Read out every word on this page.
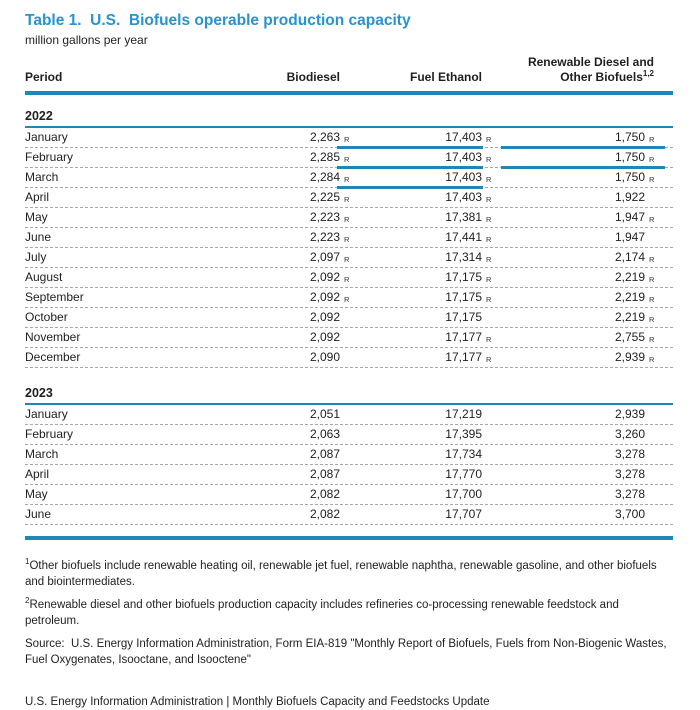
Table 1.  U.S.  Biofuels operable production capacity
million gallons per year
Period	Biodiesel	Fuel Ethanol
Renewable Diesel and
Other Biofuels$^{1,2}$
2022
January	2,263 R	17,403 R	1,750 R
February	2,285 R	17,403 R	1,750 R
March	2,284 R	17,403 R	1,750 R
April	2,225 R	17,403 R	1,922
May	2,223 R	17,381 R	1,947 R
June	2,223 R	17,441 R	1,947
July	2,097 R	17,314 R	2,174 R
August	2,092 R	17,175 R	2,219 R
September	2,092 R	17,175 R	2,219 R
October	2,092	17,175	2,219 R
November	2,092	17,177 R	2,755 R
December	2,090	17,177 R	2,939 R
2023
January	2,051	17,219	2,939
February	2,063	17,395	3,260
March	2,087	17,734	3,278
April	2,087	17,770	3,278
May	2,082	17,700	3,278
June	2,082	17,707	3,700
$^1$Other biofuels include renewable heating oil, renewable jet fuel, renewable naphtha, renewable gasoline, and other biofuels and biointermediates.
$^2$Renewable diesel and other biofuels production capacity includes refineries co-processing renewable feedstock and petroleum.
Source:  U.S. Energy Information Administration, Form EIA-819 "Monthly Report of Biofuels, Fuels from Non-Biogenic Wastes, Fuel Oxygenates, Isooctane, and Isooctene"
U.S. Energy Information Administration | Monthly Biofuels Capacity and Feedstocks Update
